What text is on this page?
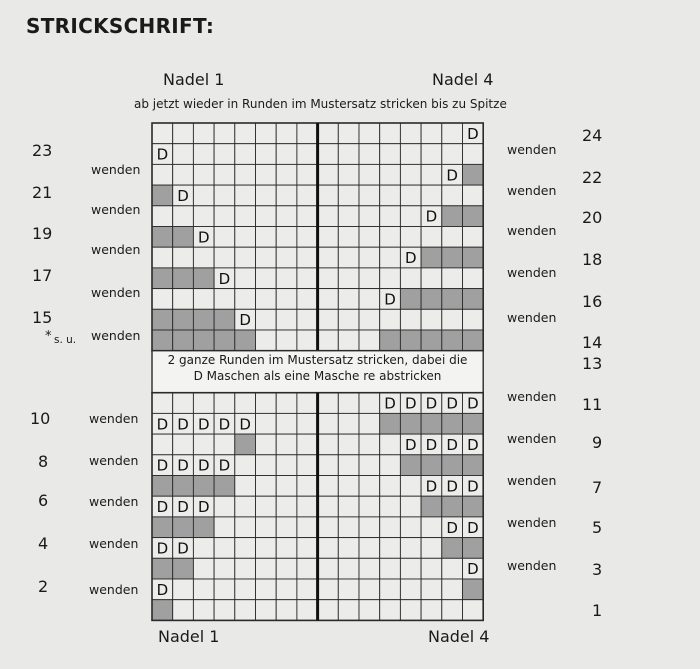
STRICKSCHRIFT:
Nadel 1	Nadel 4
ab jetzt wieder in Runden im Mustersatz stricken bis zu Spitze
D
D
D
D
D
D
D
D
D
D
D D D D D
D D D D D
D D D D
D D D D
D D D
D D D
D D
D D
D
D
2 ganze Runden im Mustersatz stricken, dabei die
D Maschen als eine Masche re abstricken
23
21
19
17
15
10
8
6
4
2
* s. u.
wenden
wenden
wenden
wenden
wenden
wenden
wenden
wenden
wenden
wenden
wenden
wenden
wenden
wenden
wenden
wenden
wenden
wenden
wenden
wenden
24
22
20
18
16
14
13
11
9
7
5
3
1
Nadel 1	Nadel 4
